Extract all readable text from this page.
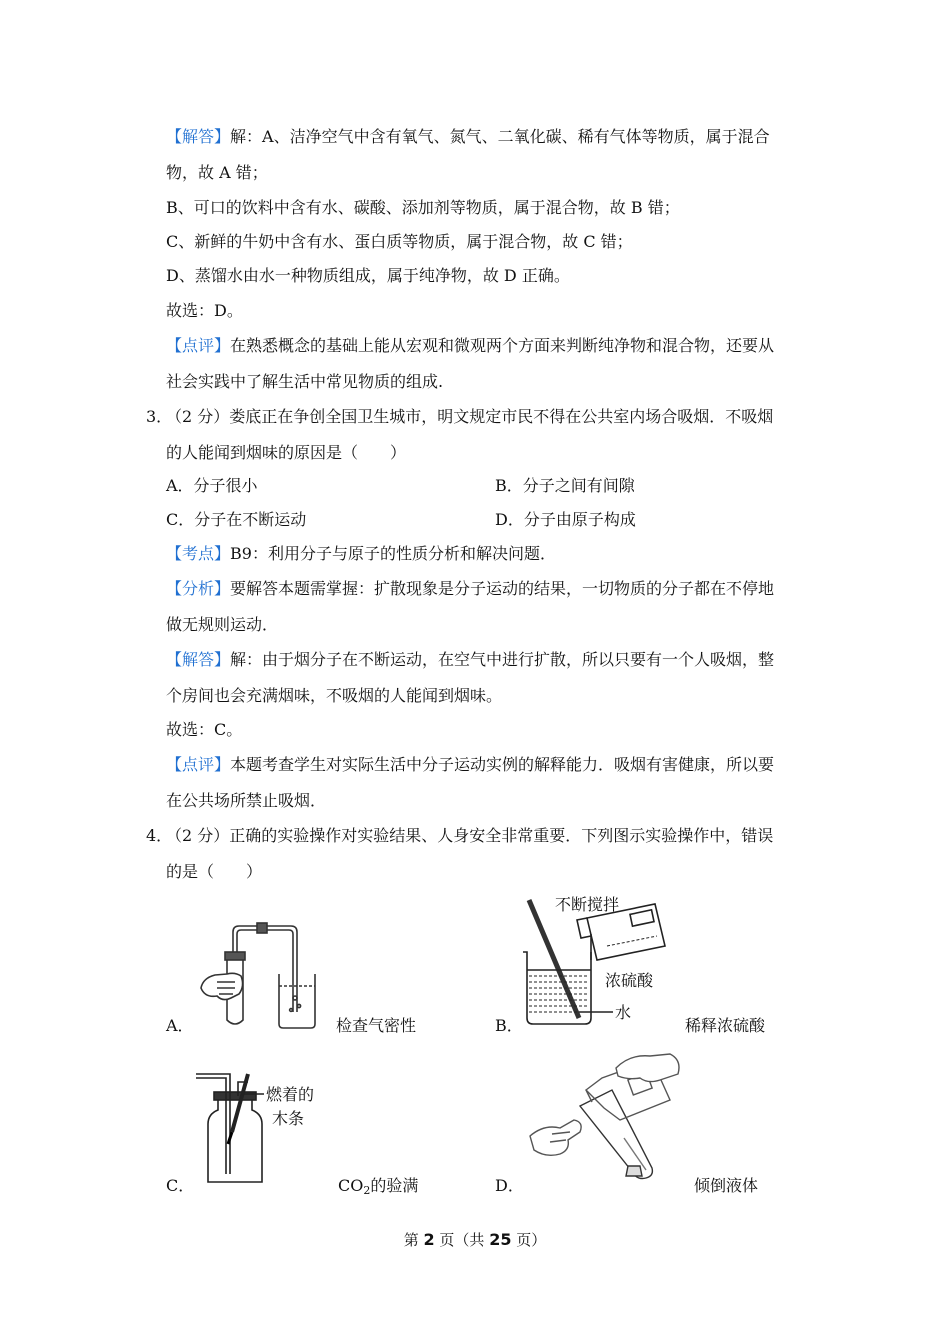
【解答】解：A、洁净空气中含有氧气、氮气、二氧化碳、稀有气体等物质，属于混合
物，故 A 错；
B、可口的饮料中含有水、碳酸、添加剂等物质，属于混合物，故 B 错；
C、新鲜的牛奶中含有水、蛋白质等物质，属于混合物，故 C 错；
D、蒸馏水由水一种物质组成，属于纯净物，故 D 正确。
故选：D。
【点评】在熟悉概念的基础上能从宏观和微观两个方面来判断纯净物和混合物，还要从
社会实践中了解生活中常见物质的组成.
3．
（2 分）娄底正在争创全国卫生城市，明文规定市民不得在公共室内场合吸烟．不吸烟
的人能闻到烟味的原因是（　　）
A．分子很小	B．分子之间有间隙
C．分子在不断运动	D．分子由原子构成
【考点】B9：利用分子与原子的性质分析和解决问题．
【分析】要解答本题需掌握：扩散现象是分子运动的结果，一切物质的分子都在不停地
做无规则运动．
【解答】解：由于烟分子在不断运动，在空气中进行扩散，所以只要有一个人吸烟，整
个房间也会充满烟味，不吸烟的人能闻到烟味。
故选：C。
【点评】本题考查学生对实际生活中分子运动实例的解释能力．吸烟有害健康，所以要
在公共场所禁止吸烟．
4．
（2 分）正确的实验操作对实验结果、人身安全非常重要．下列图示实验操作中，错误
的是（　　）
A．	检查气密性
不断搅拌
浓硫酸
水
B．	稀释浓硫酸
燃着的
木条
C．	$CO_2$的验满	D．	倾倒液体
第 2 页（共 25 页）
